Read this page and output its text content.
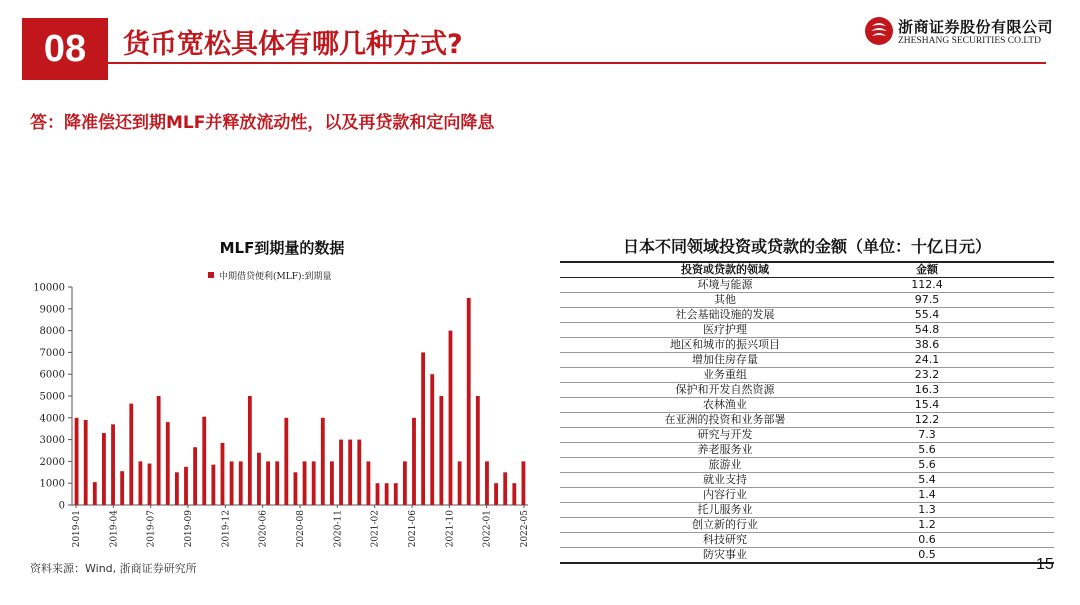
08	货币宽松具体有哪几种方式?
浙商证券股份有限公司
ZHESHANG SECURITIES CO.LTD
答：降准偿还到期MLF并释放流动性，以及再贷款和定向降息
MLF到期量的数据
中期借贷便利(MLF):到期量
0
1000
2000
3000
4000
5000
6000
7000
8000
9000
10000
2019-01	2019-04	2019-07	2019-09	2019-12	2020-06	2020-08	2020-11	2021-02	2021-06	2021-10	2022-01	2022-05
日本不同领域投资或贷款的金额（单位：十亿日元）
投资或贷款的领域	金额
环境与能源	112.4
其他	97.5
社会基础设施的发展	55.4
医疗护理	54.8
地区和城市的振兴项目	38.6
增加住房存量	24.1
业务重组	23.2
保护和开发自然资源	16.3
农林渔业	15.4
在亚洲的投资和业务部署	12.2
研究与开发	7.3
养老服务业	5.6
旅游业	5.6
就业支持	5.4
内容行业	1.4
托儿服务业	1.3
创立新的行业	1.2
科技研究	0.6
防灾事业	0.5
资料来源：Wind, 浙商证券研究所	15
